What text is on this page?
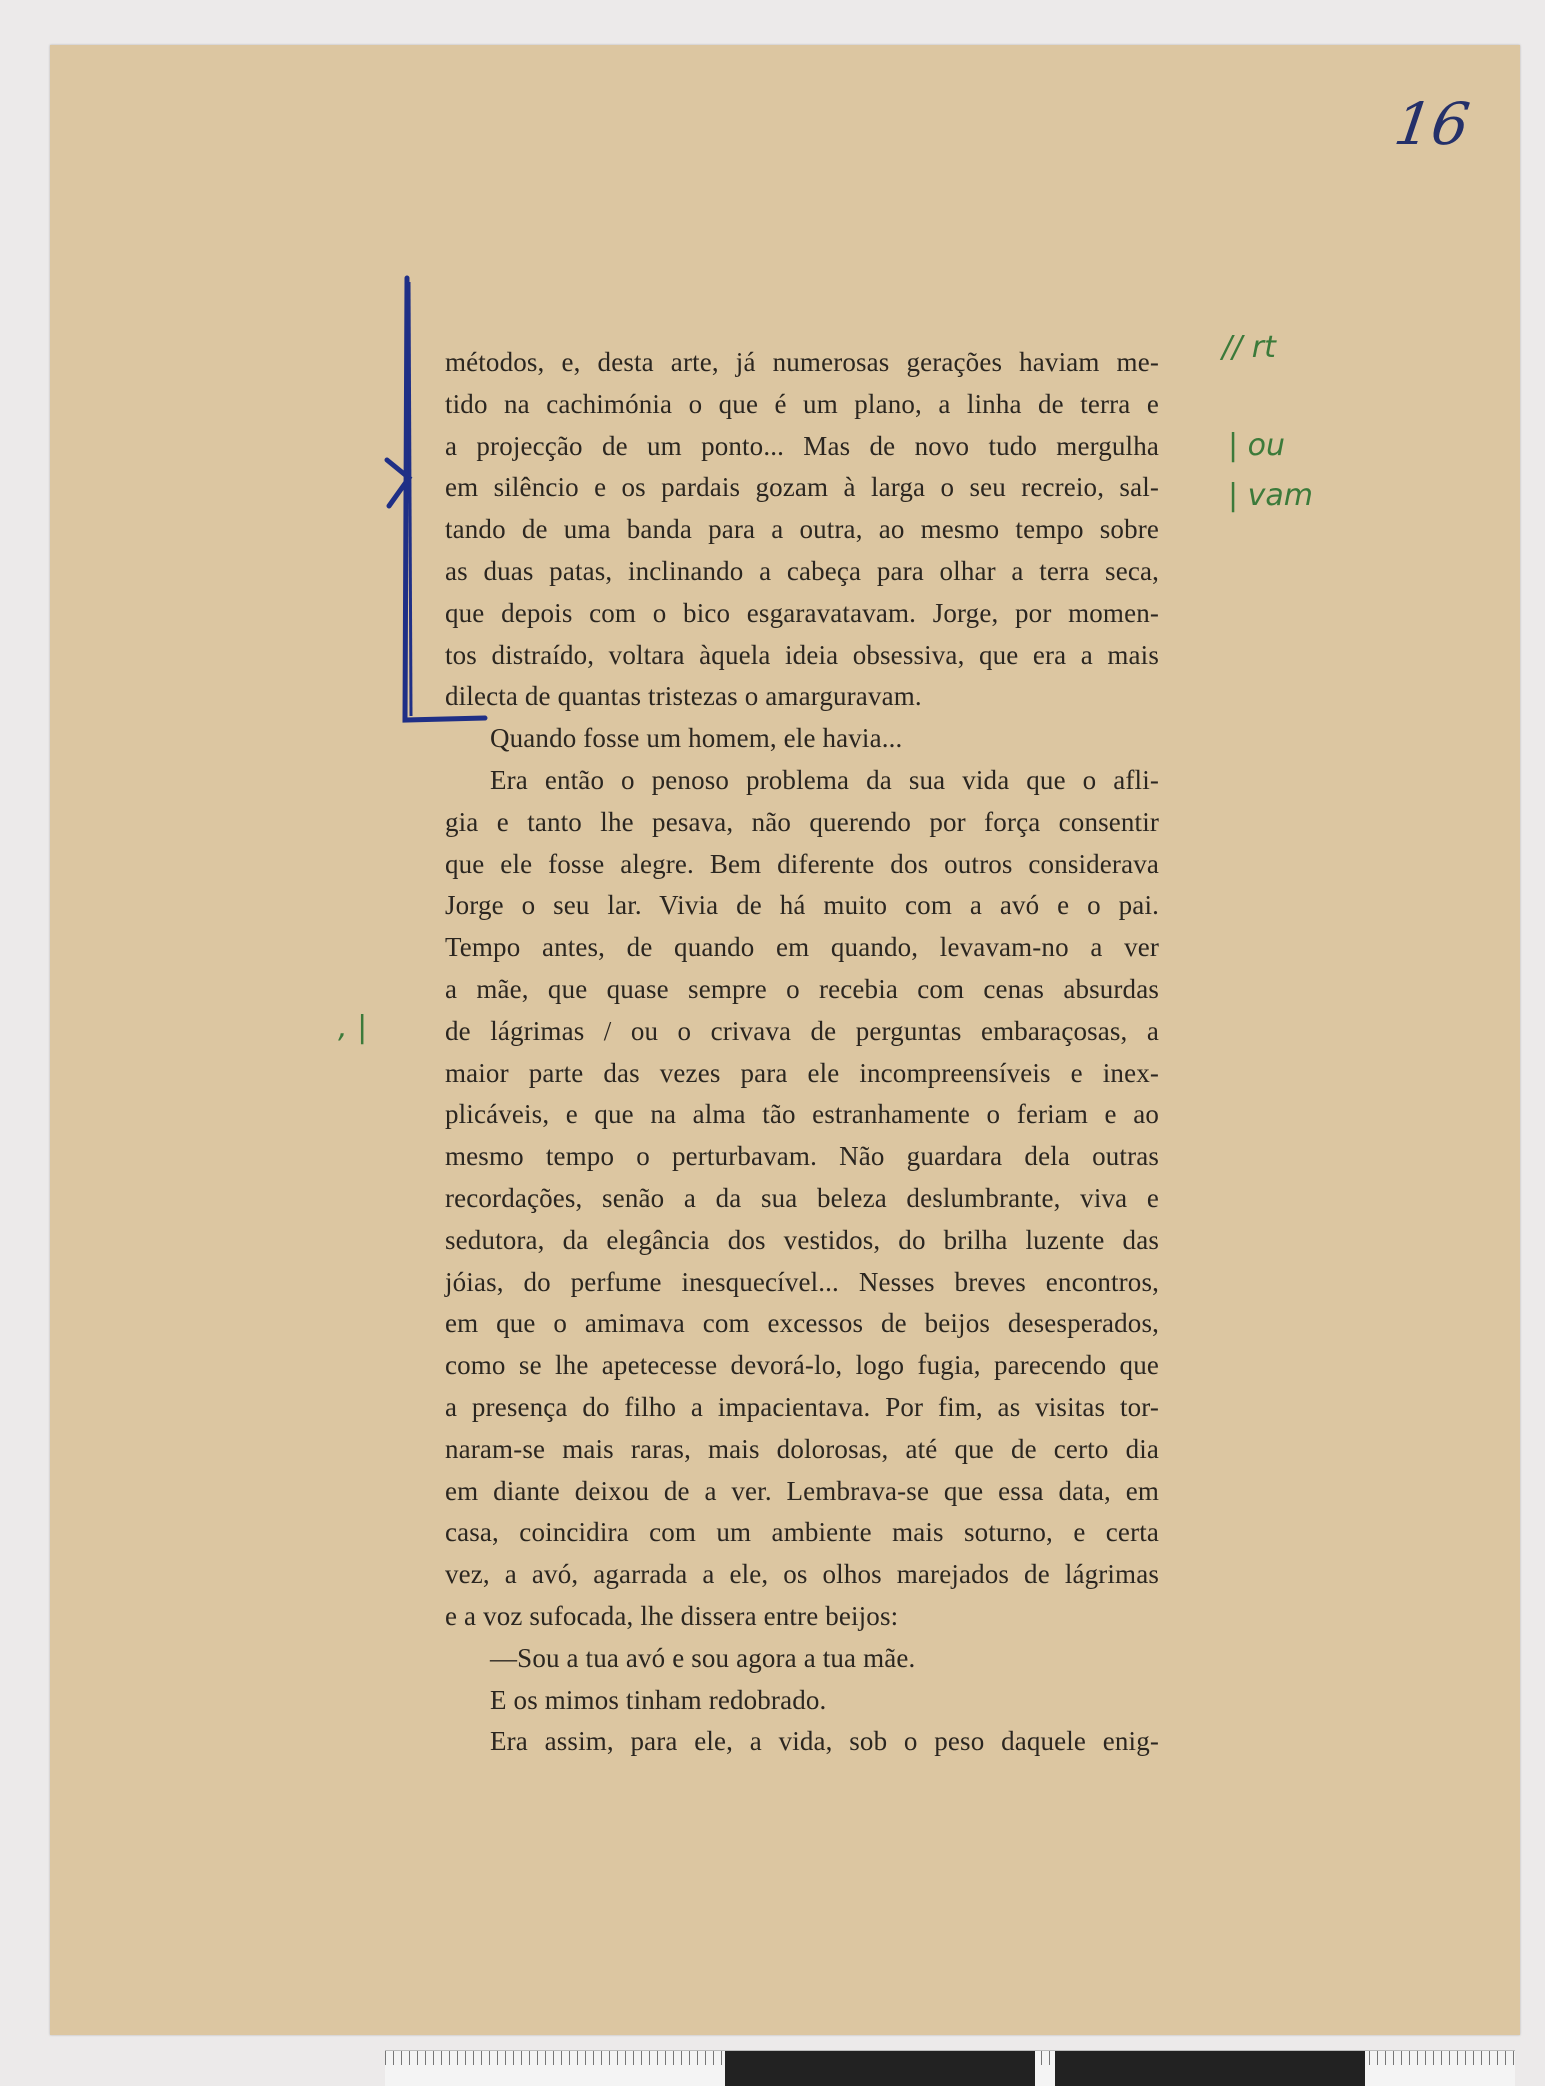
16
// rt
| ou
| vam
, |
métodos, e, desta arte, já numerosas gerações haviam me-
tido na cachimónia o que é um plano, a linha de terra e
a projecção de um ponto... Mas de novo tudo mergulha
em silêncio e os pardais gozam à larga o seu recreio, sal-
tando de uma banda para a outra, ao mesmo tempo sobre
as duas patas, inclinando a cabeça para olhar a terra seca,
que depois com o bico esgaravatavam. Jorge, por momen-
tos distraído, voltara àquela ideia obsessiva, que era a mais
dilecta de quantas tristezas o amarguravam.
Quando fosse um homem, ele havia...
Era então o penoso problema da sua vida que o afli-
gia e tanto lhe pesava, não querendo por força consentir
que ele fosse alegre. Bem diferente dos outros considerava
Jorge o seu lar. Vivia de há muito com a avó e o pai.
Tempo antes, de quando em quando, levavam-no a ver
a mãe, que quase sempre o recebia com cenas absurdas
de lágrimas / ou o crivava de perguntas embaraçosas, a
maior parte das vezes para ele incompreensíveis e inex-
plicáveis, e que na alma tão estranhamente o feriam e ao
mesmo tempo o perturbavam. Não guardara dela outras
recordações, senão a da sua beleza deslumbrante, viva e
sedutora, da elegância dos vestidos, do brilha luzente das
jóias, do perfume inesquecível... Nesses breves encontros,
em que o amimava com excessos de beijos desesperados,
como se lhe apetecesse devorá-lo, logo fugia, parecendo que
a presença do filho a impacientava. Por fim, as visitas tor-
naram-se mais raras, mais dolorosas, até que de certo dia
em diante deixou de a ver. Lembrava-se que essa data, em
casa, coincidira com um ambiente mais soturno, e certa
vez, a avó, agarrada a ele, os olhos marejados de lágrimas
e a voz sufocada, lhe dissera entre beijos:
—Sou a tua avó e sou agora a tua mãe.
E os mimos tinham redobrado.
Era assim, para ele, a vida, sob o peso daquele enig-
